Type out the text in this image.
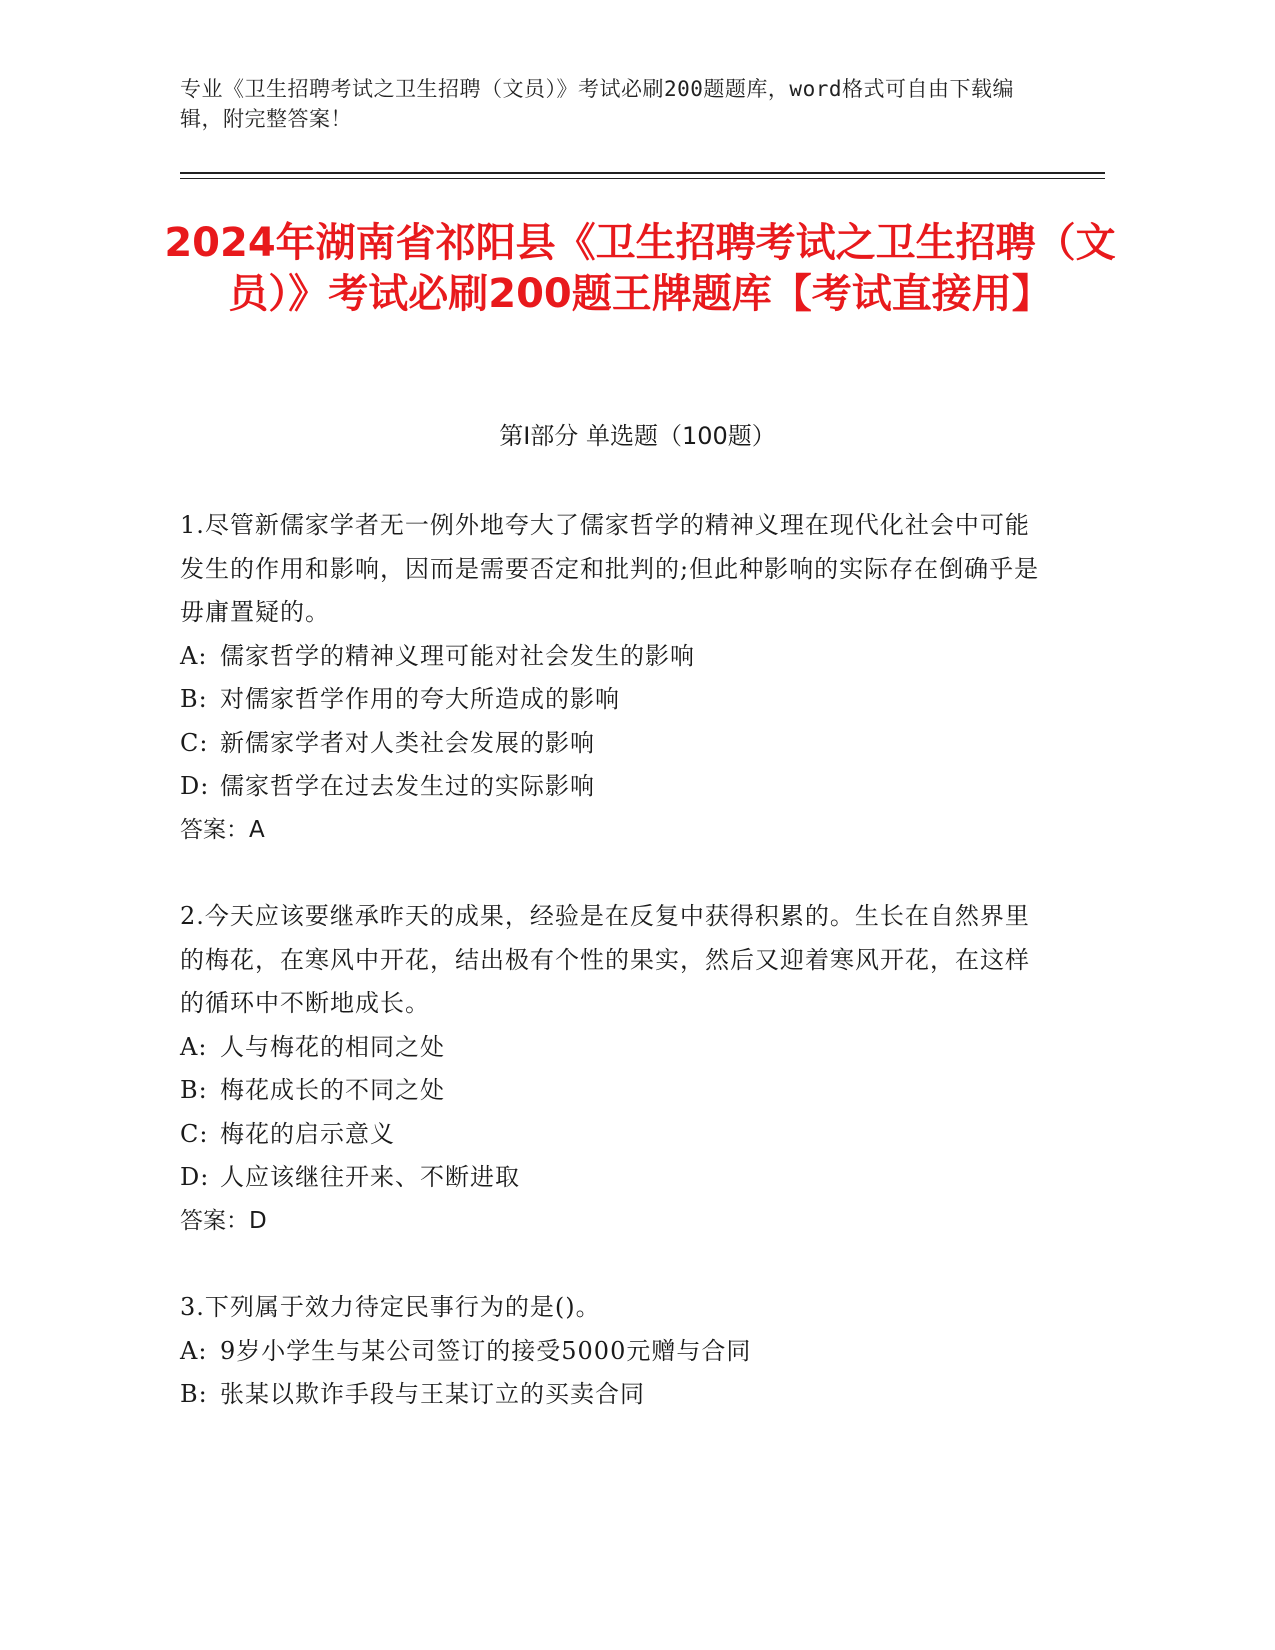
专业《卫生招聘考试之卫生招聘（文员）》考试必刷200题题库，word格式可自由下载编辑，附完整答案！
2024年湖南省祁阳县《卫生招聘考试之卫生招聘（文员）》考试必刷200题王牌题库【考试直接用】
第I部分 单选题（100题）

1.尽管新儒家学者无一例外地夸大了儒家哲学的精神义理在现代化社会中可能发生的作用和影响，因而是需要否定和批判的;但此种影响的实际存在倒确乎是毋庸置疑的。

A: 儒家哲学的精神义理可能对社会发生的影响

B: 对儒家哲学作用的夸大所造成的影响

C: 新儒家学者对人类社会发展的影响

D: 儒家哲学在过去发生过的实际影响

答案：A

2.今天应该要继承昨天的成果，经验是在反复中获得积累的。生长在自然界里的梅花，在寒风中开花，结出极有个性的果实，然后又迎着寒风开花，在这样的循环中不断地成长。

A: 人与梅花的相同之处

B: 梅花成长的不同之处

C: 梅花的启示意义

D: 人应该继往开来、不断进取

答案：D

3.下列属于效力待定民事行为的是()。

A: 9岁小学生与某公司签订的接受5000元赠与合同

B: 张某以欺诈手段与王某订立的买卖合同
